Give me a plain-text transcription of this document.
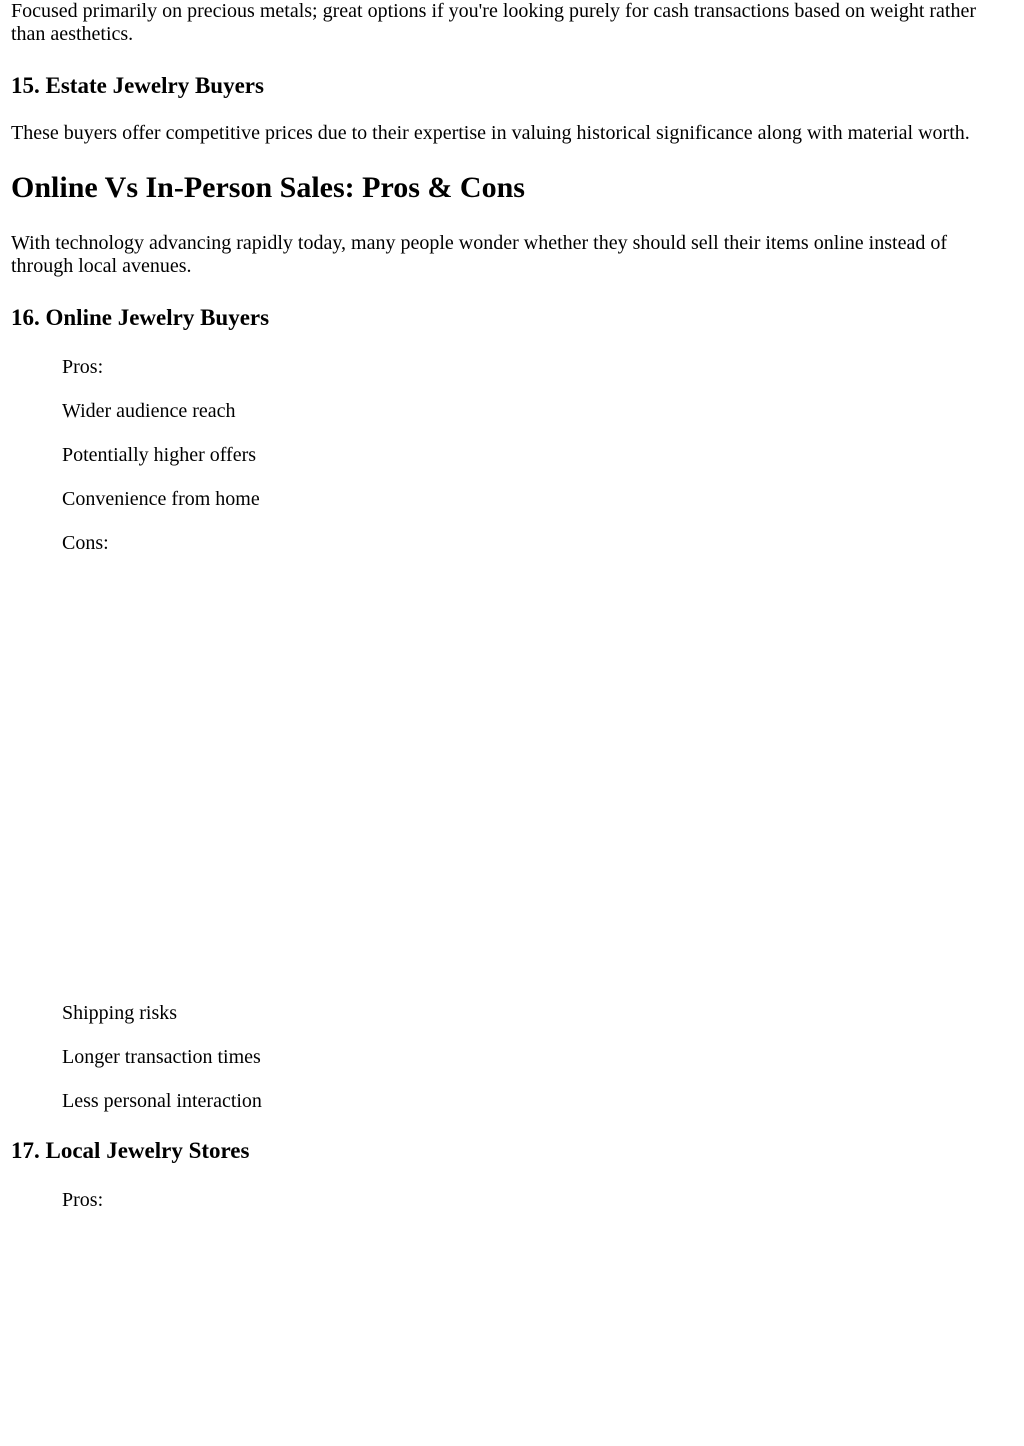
Focused primarily on precious metals; great options if you're looking purely for cash transactions based on weight rather than aesthetics.

15. Estate Jewelry Buyers

These buyers offer competitive prices due to their expertise in valuing historical significance along with material worth.

Online Vs In-Person Sales: Pros & Cons

With technology advancing rapidly today, many people wonder whether they should sell their items online instead of through local avenues.

16. Online Jewelry Buyers

Pros:

Wider audience reach

Potentially higher offers

Convenience from home

Cons:

Shipping risks

Longer transaction times

Less personal interaction

17. Local Jewelry Stores

Pros:
